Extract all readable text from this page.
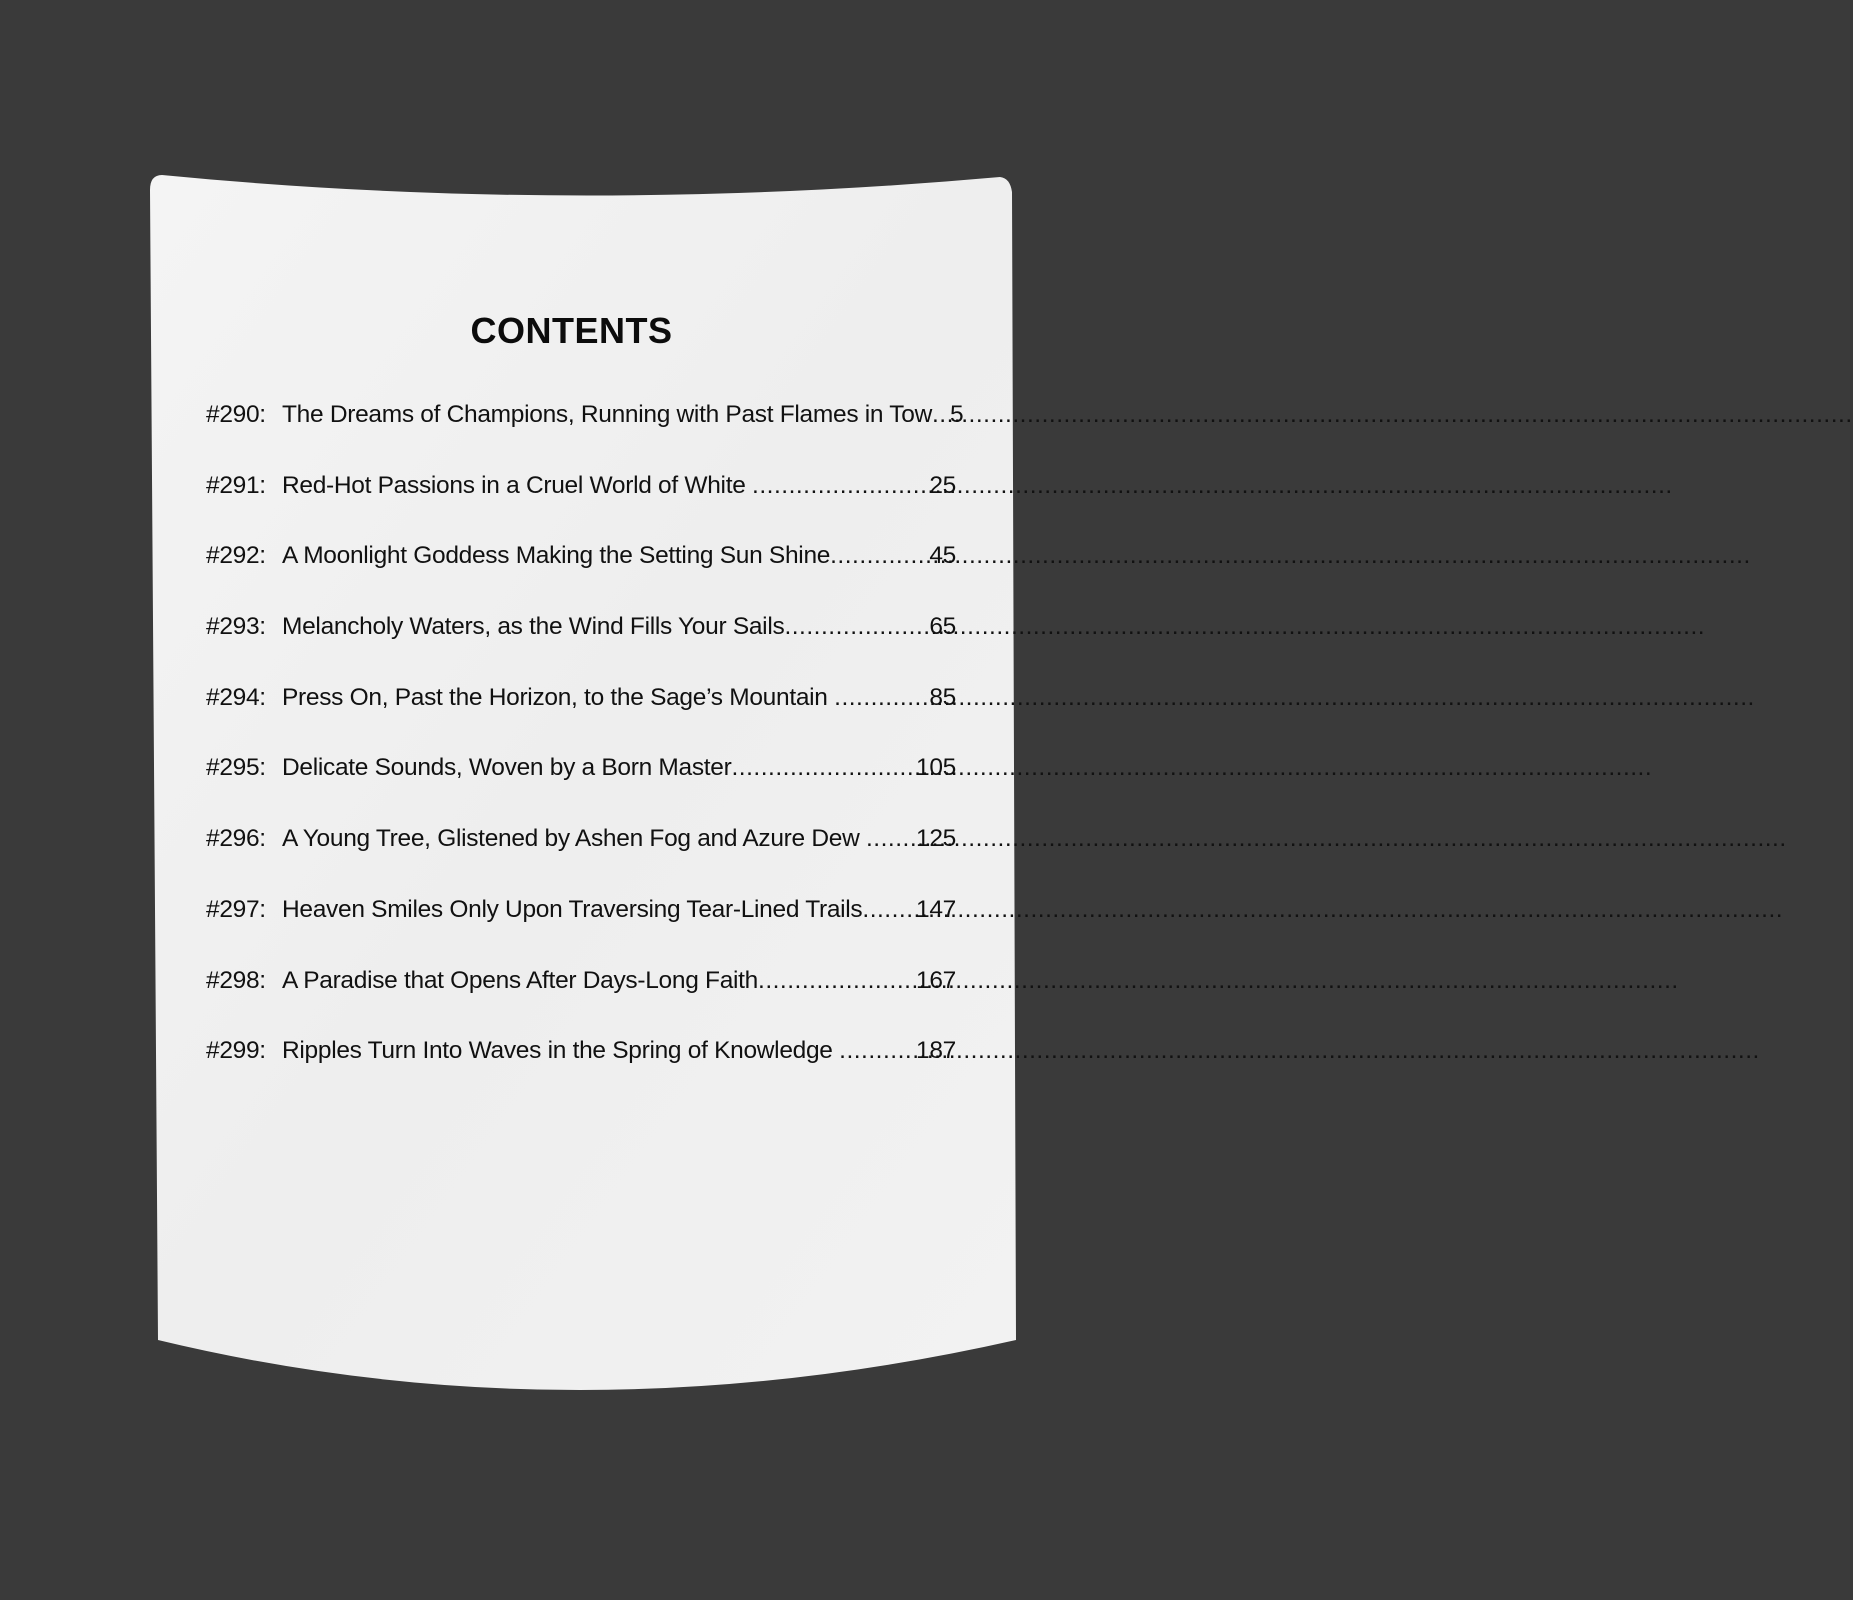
CONTENTS
#290: The Dreams of Champions, Running with Past Flames in Tow ..... 5
#291: Red-Hot Passions in a Cruel World of White .....	25
#292: A Moonlight Goddess Making the Setting Sun Shine .....	45
#293: Melancholy Waters, as the Wind Fills Your Sails .....	65
#294: Press On, Past the Horizon, to the Sage’s Mountain .....	85
#295: Delicate Sounds, Woven by a Born Master .....	105
#296: A Young Tree, Glistened by Ashen Fog and Azure Dew ..... 125
#297: Heaven Smiles Only Upon Traversing Tear-Lined Trails ..... 147
#298: A Paradise that Opens After Days-Long Faith .....	167
#299: Ripples Turn Into Waves in the Spring of Knowledge .....	187
